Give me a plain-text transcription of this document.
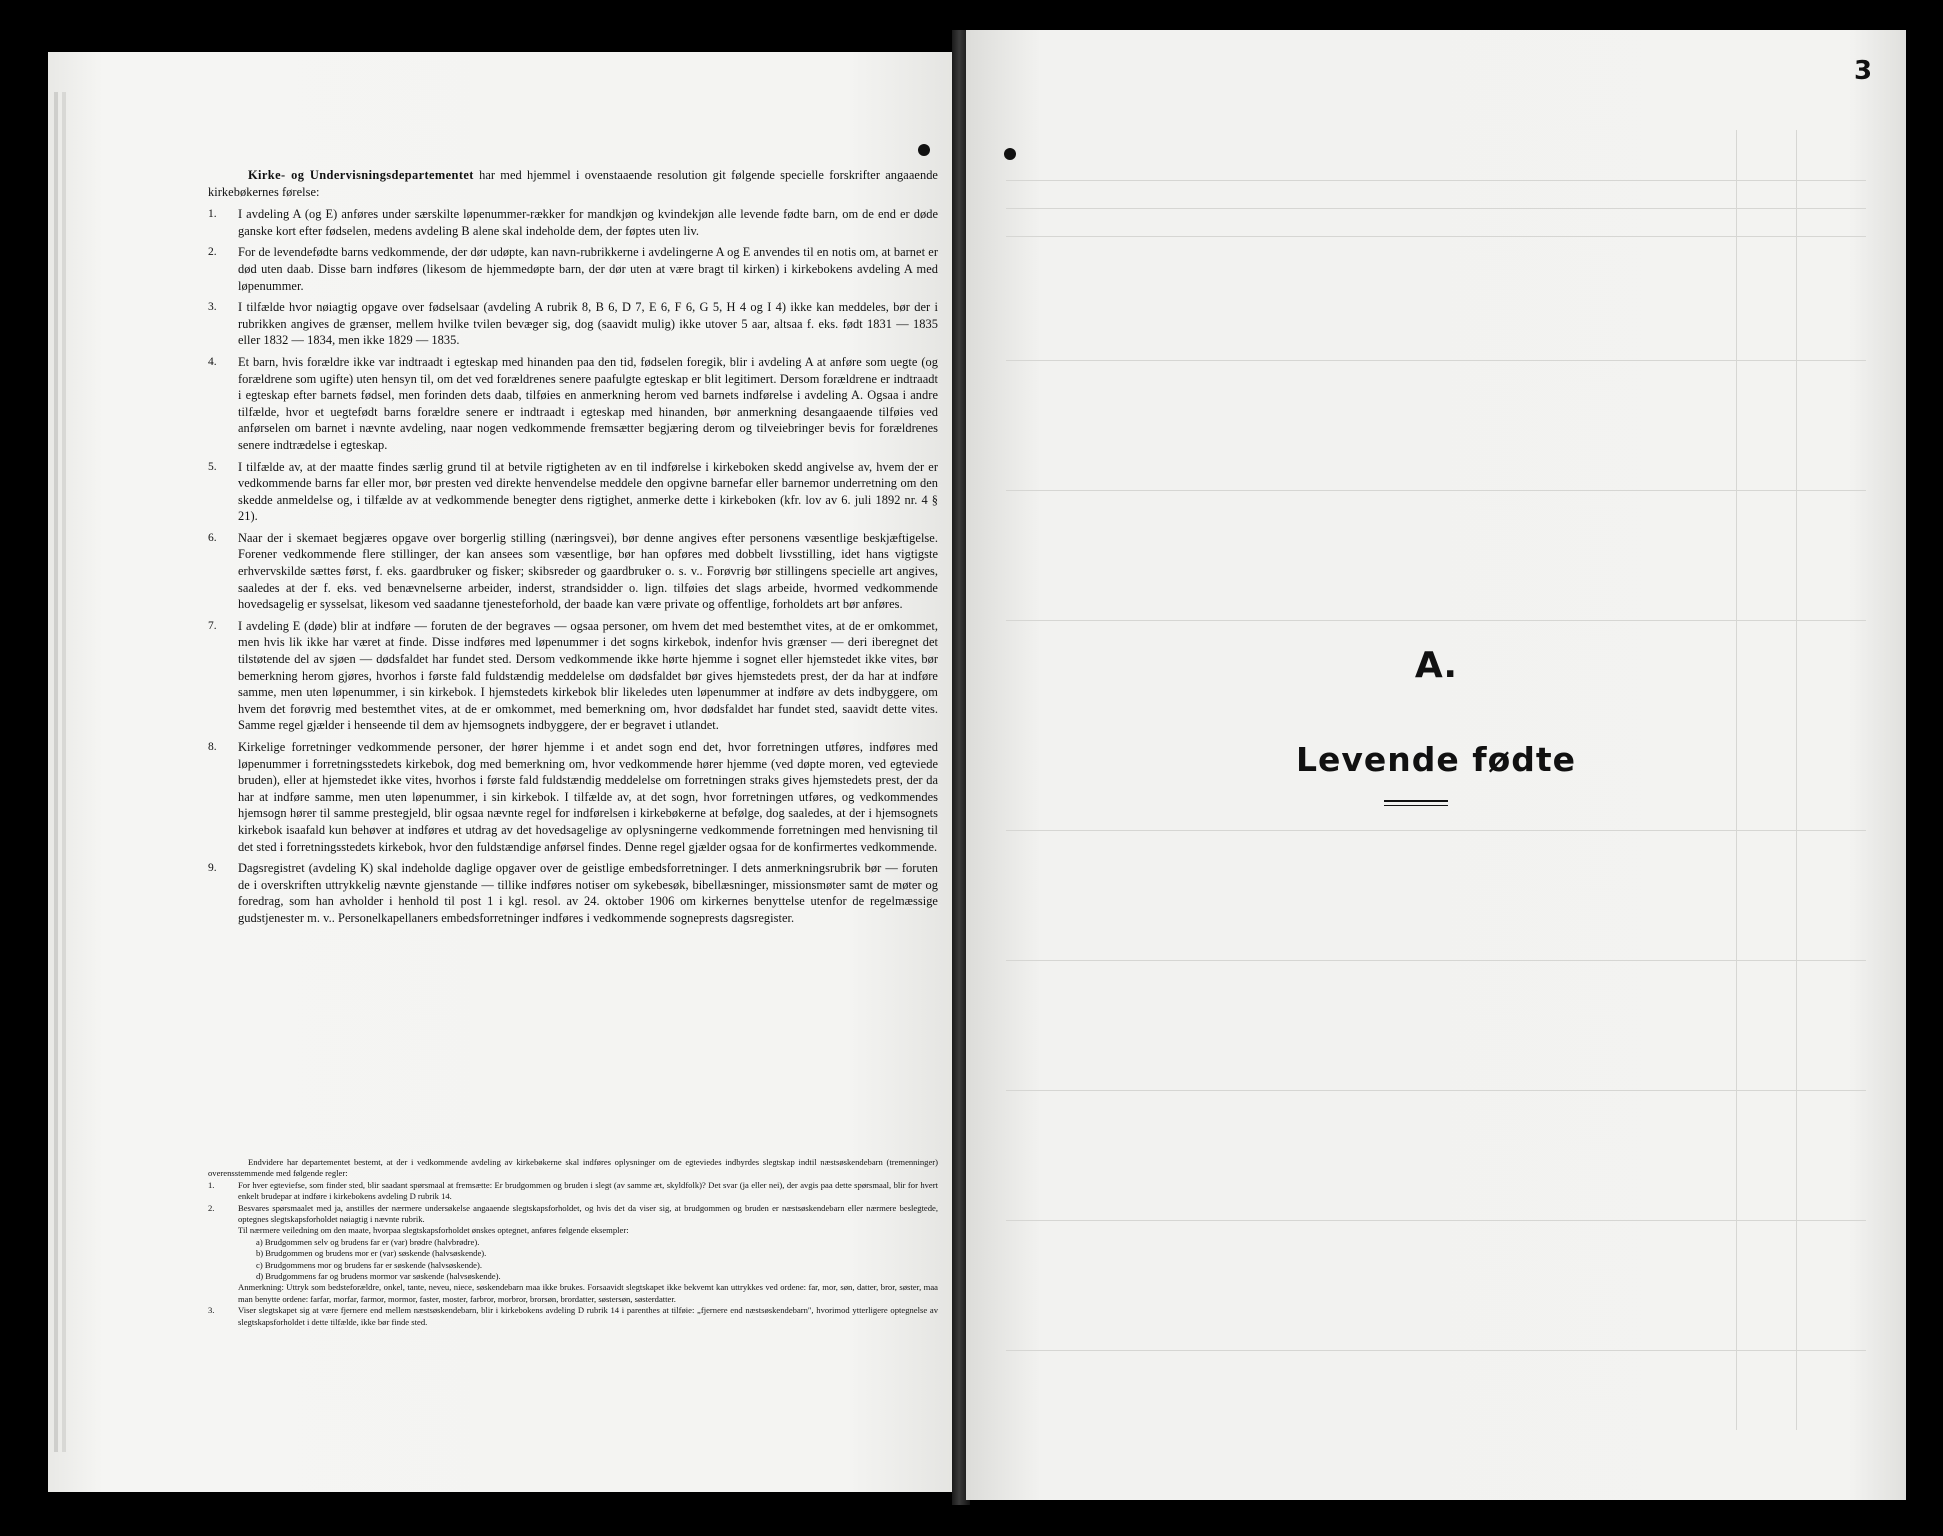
Kirke- og Undervisningsdepartementet har med hjemmel i ovenstaaende resolution git følgende specielle forskrifter angaaende kirkebøkernes førelse:

1. I avdeling A (og E) anføres under særskilte løpenummer-rækker for mandkjøn og kvindekjøn alle levende fødte barn, om de end er døde ganske kort efter fødselen, medens avdeling B alene skal indeholde dem, der føptes uten liv.
2. For de levendefødte barns vedkommende, der dør udøpte, kan navn-rubrikkerne i avdelingerne A og E anvendes til en notis om, at barnet er død uten daab. Disse barn indføres (likesom de hjemmedøpte barn, der dør uten at være bragt til kirken) i kirkebokens avdeling A med løpenummer.
3. I tilfælde hvor nøiagtig opgave over fødselsaar (avdeling A rubrik 8, B 6, D 7, E 6, F 6, G 5, H 4 og I 4) ikke kan meddeles, bør der i rubrikken angives de grænser, mellem hvilke tvilen bevæger sig, dog (saavidt mulig) ikke utover 5 aar, altsaa f. eks. født 1831 — 1835 eller 1832 — 1834, men ikke 1829 — 1835.
4. Et barn, hvis forældre ikke var indtraadt i egteskap med hinanden paa den tid, fødselen foregik, blir i avdeling A at anføre som uegte (og forældrene som ugifte) uten hensyn til, om det ved forældrenes senere paafulgte egteskap er blit legitimert. Dersom forældrene er indtraadt i egteskap efter barnets fødsel, men forinden dets daab, tilføies en anmerkning herom ved barnets indførelse i avdeling A. Ogsaa i andre tilfælde, hvor et uegtefødt barns forældre senere er indtraadt i egteskap med hinanden, bør anmerkning desangaaende tilføies ved anførselen om barnet i nævnte avdeling, naar nogen vedkommende fremsætter begjæring derom og tilveiebringer bevis for forældrenes senere indtrædelse i egteskap.
5. I tilfælde av, at der maatte findes særlig grund til at betvile rigtigheten av en til indførelse i kirkeboken skedd angivelse av, hvem der er vedkommende barns far eller mor, bør presten ved direkte henvendelse meddele den opgivne barnefar eller barnemor underretning om den skedde anmeldelse og, i tilfælde av at vedkommende benegter dens rigtighet, anmerke dette i kirkeboken (kfr. lov av 6. juli 1892 nr. 4 § 21).
6. Naar der i skemaet begjæres opgave over borgerlig stilling (næringsvei), bør denne angives efter personens væsentlige beskjæftigelse. Forener vedkommende flere stillinger, der kan ansees som væsentlige, bør han opføres med dobbelt livsstilling, idet hans vigtigste erhvervskilde sættes først, f. eks. gaardbruker og fisker; skibsreder og gaardbruker o. s. v.. Forøvrig bør stillingens specielle art angives, saaledes at der f. eks. ved benævnelserne arbeider, inderst, strandsidder o. lign. tilføies det slags arbeide, hvormed vedkommende hovedsagelig er sysselsat, likesom ved saadanne tjenesteforhold, der baade kan være private og offentlige, forholdets art bør anføres.
7. I avdeling E (døde) blir at indføre — foruten de der begraves — ogsaa personer, om hvem det med bestemthet vites, at de er omkommet, men hvis lik ikke har været at finde. Disse indføres med løpenummer i det sogns kirkebok, indenfor hvis grænser — deri iberegnet det tilstøtende del av sjøen — dødsfaldet har fundet sted. Dersom vedkommende ikke hørte hjemme i sognet eller hjemstedet ikke vites, bør bemerkning herom gjøres, hvorhos i første fald fuldstændig meddelelse om dødsfaldet bør gives hjemstedets prest, der da har at indføre samme, men uten løpenummer, i sin kirkebok. I hjemstedets kirkebok blir likeledes uten løpenummer at indføre av dets indbyggere, om hvem det forøvrig med bestemthet vites, at de er omkommet, med bemerkning om, hvor dødsfaldet har fundet sted, saavidt dette vites. Samme regel gjælder i henseende til dem av hjemsognets indbyggere, der er begravet i utlandet.
8. Kirkelige forretninger vedkommende personer, der hører hjemme i et andet sogn end det, hvor forretningen utføres, indføres med løpenummer i forretningsstedets kirkebok, dog med bemerkning om, hvor vedkommende hører hjemme (ved døpte moren, ved egteviede bruden), eller at hjemstedet ikke vites, hvorhos i første fald fuldstændig meddelelse om forretningen straks gives hjemstedets prest, der da har at indføre samme, men uten løpenummer, i sin kirkebok. I tilfælde av, at det sogn, hvor forretningen utføres, og vedkommendes hjemsogn hører til samme prestegjeld, blir ogsaa nævnte regel for indførelsen i kirkebøkerne at befølge, dog saaledes, at der i hjemsognets kirkebok isaafald kun behøver at indføres et utdrag av det hovedsagelige av oplysningerne vedkommende forretningen med henvisning til det sted i forretningsstedets kirkebok, hvor den fuldstændige anførsel findes. Denne regel gjælder ogsaa for de konfirmertes vedkommende.
9. Dagsregistret (avdeling K) skal indeholde daglige opgaver over de geistlige embedsforretninger. I dets anmerkningsrubrik bør — foruten de i overskriften uttrykkelig nævnte gjenstande — tillike indføres notiser om sykebesøk, bibellæsninger, missionsmøter samt de møter og foredrag, som han avholder i henhold til post 1 i kgl. resol. av 24. oktober 1906 om kirkernes benyttelse utenfor de regelmæssige gudstjenester m. v.. Personelkapellaners embedsforretninger indføres i vedkommende sogneprests dagsregister.

Endvidere har departementet bestemt, at der i vedkommende avdeling av kirkebøkerne skal indføres oplysninger om de egteviedes indbyrdes slegtskap indtil næstsøskendebarn (tremenninger) overensstemmende med følgende regler:

1.	For hver egteviefse, som finder sted, blir saadant spørsmaal at fremsætte: Er brudgommen og bruden i slegt (av samme æt, skyldfolk)? Det svar (ja eller nei), der avgis paa dette spørsmaal, blir for hvert enkelt brudepar at indføre i kirkebokens avdeling D rubrik 14.

2.	Besvares spørsmaalet med ja, anstilles der nærmere undersøkelse angaaende slegtskapsforholdet, og hvis det da viser sig, at brudgommen og bruden er næstsøskendebarn eller nærmere beslegtede, optegnes slegtskapsforholdet nøiagtig i nævnte rubrik.

Til nærmere veiledning om den maate, hvorpaa slegtskapsforholdet ønskes optegnet, anføres følgende eksempler:

a) Brudgommen selv og brudens far er (var) brødre (halvbrødre).

b) Brudgommen og brudens mor er (var) søskende (halvsøskende).

c) Brudgommens mor og brudens far er søskende (halvsøskende).

d) Brudgommens far og brudens mormor var søskende (halvsøskende).

Anmerkning: Uttryk som bedsteforældre, onkel, tante, neveu, niece, søskendebarn maa ikke brukes. Forsaavidt slegtskapet ikke bekvemt kan uttrykkes ved ordene: far, mor, søn, datter, bror, søster, maa man benytte ordene: farfar, morfar, farmor, mormor, faster, moster, farbror, morbror, brorsøn, brordatter, søstersøn, søsterdatter.

3.	Viser slegtskapet sig at være fjernere end mellem næstsøskendebarn, blir i kirkebokens avdeling D rubrik 14 i parenthes at tilføie: „fjernere end næstsøskendebarn", hvorimod ytterligere optegnelse av slegtskapsforholdet i dette tilfælde, ikke bør finde sted.

3
A.
Levende fødte
